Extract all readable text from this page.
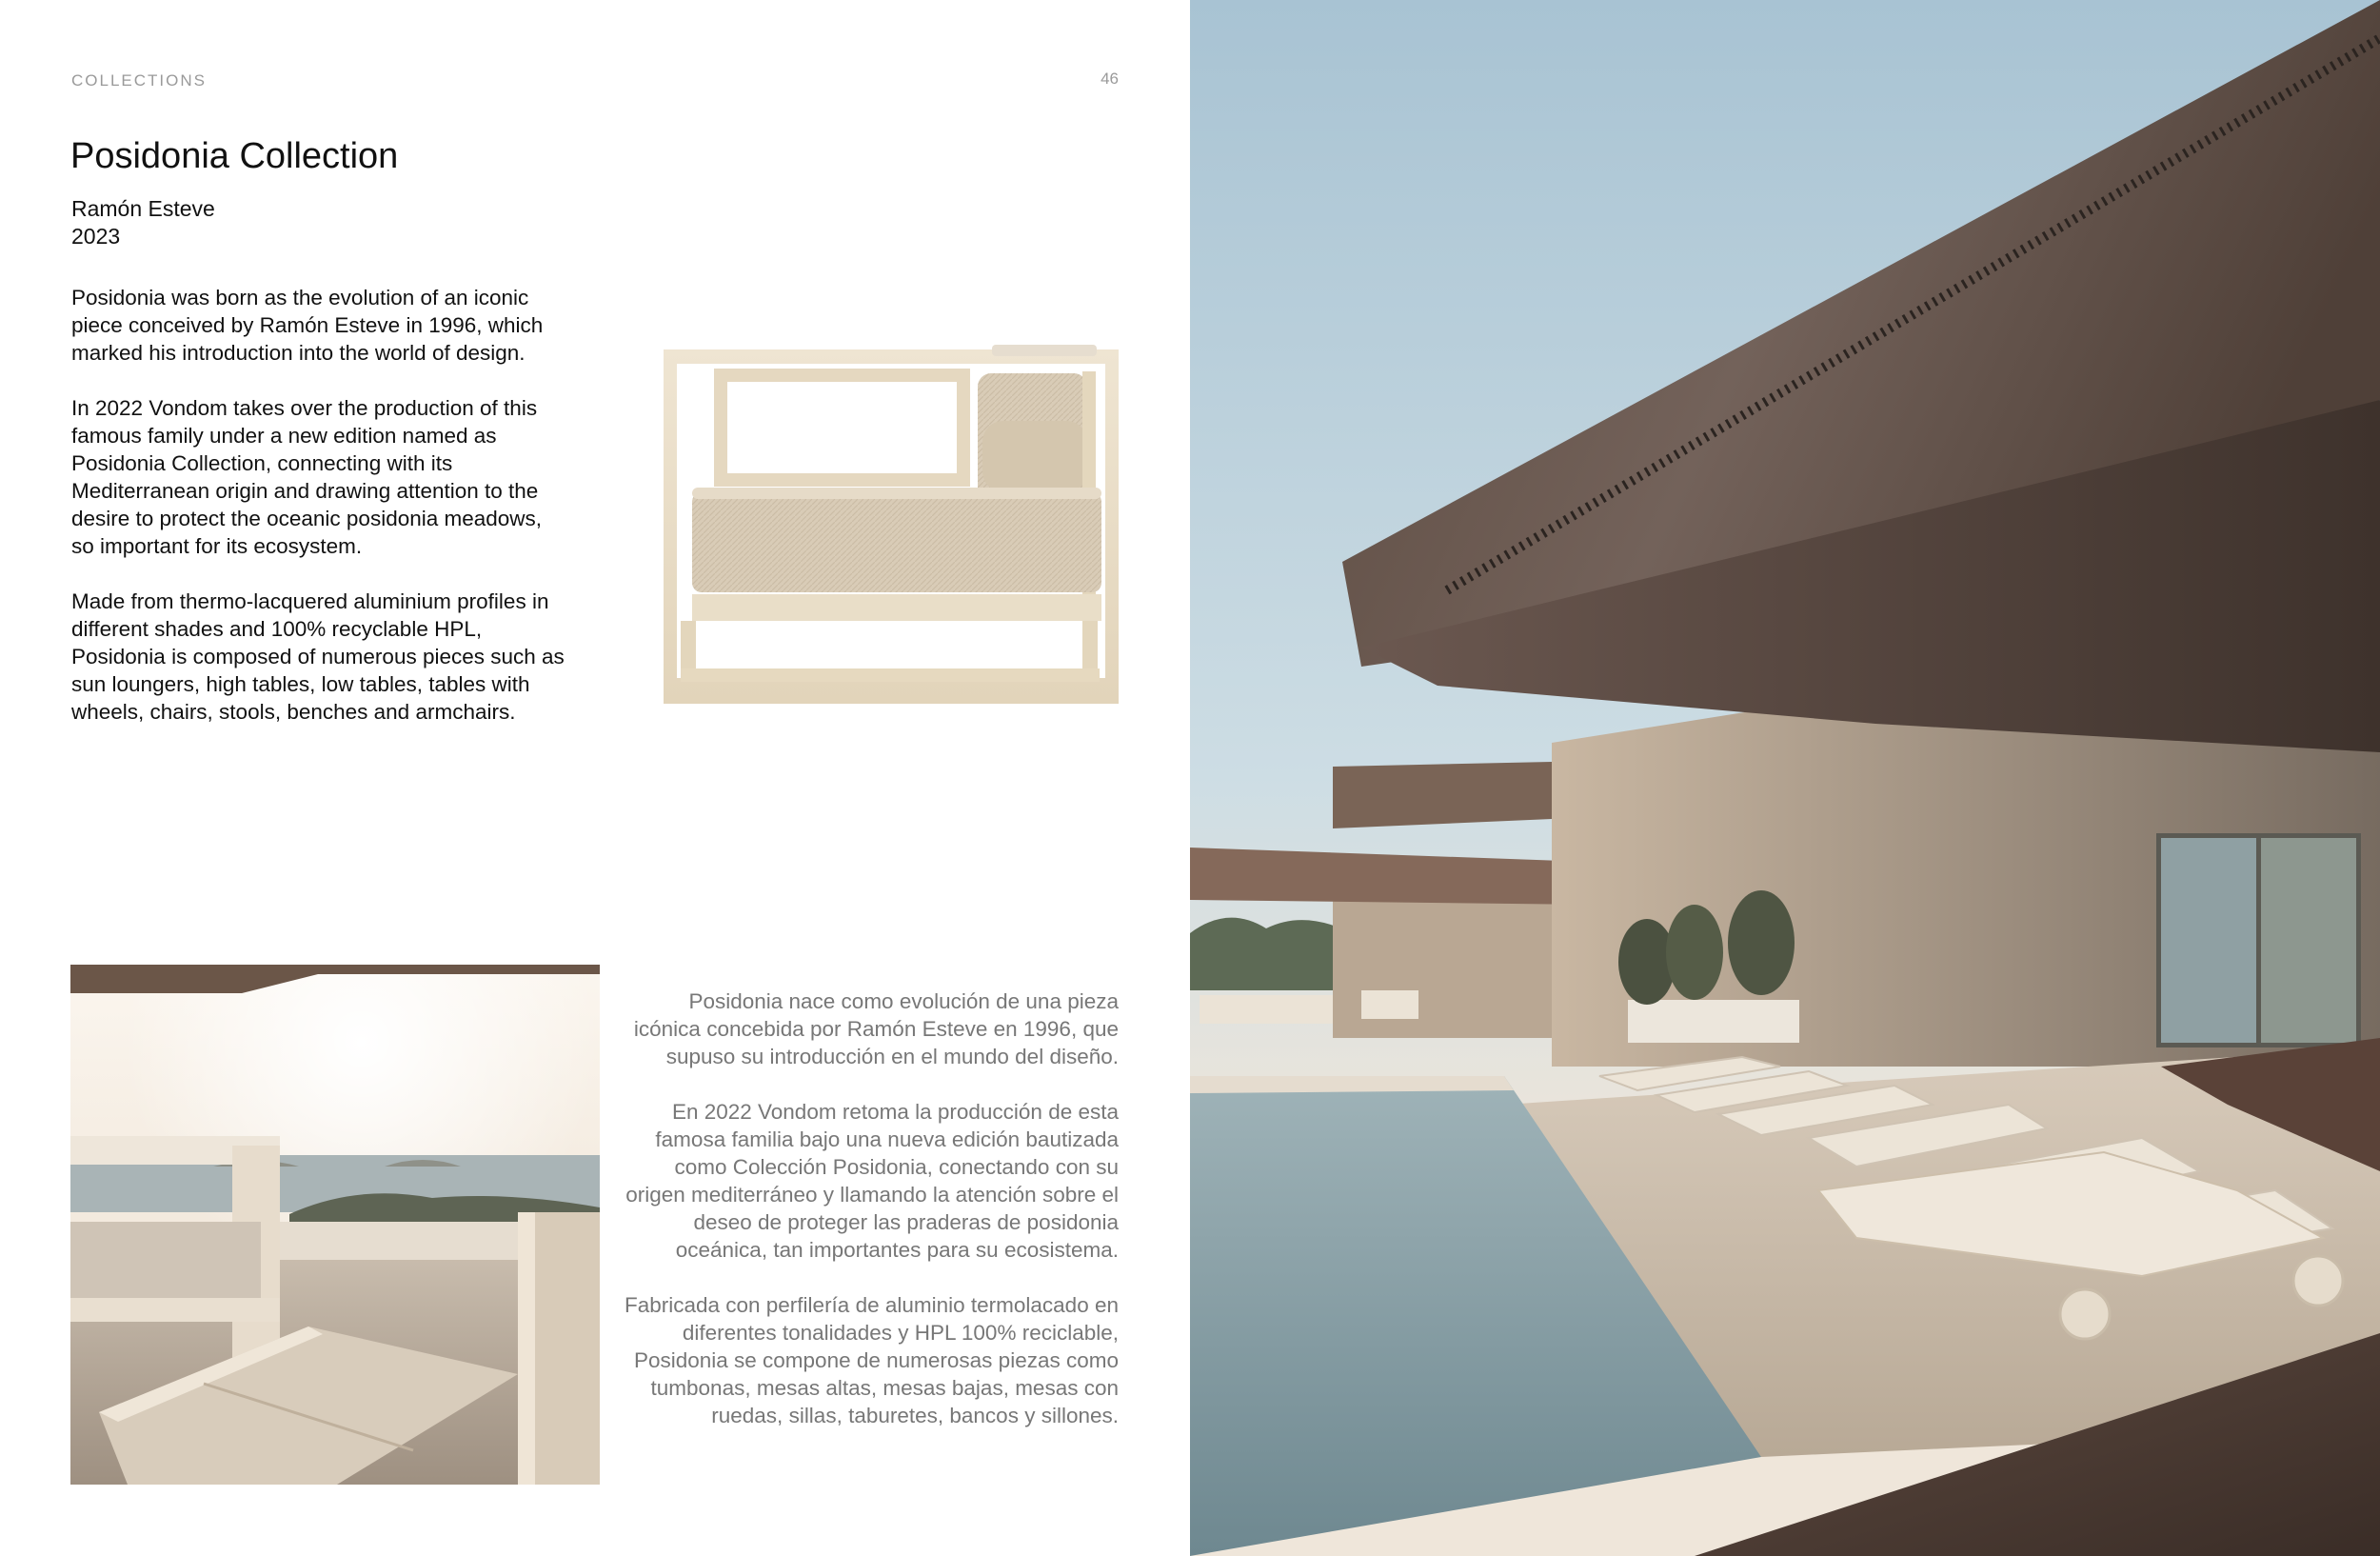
COLLECTIONS	46
Posidonia Collection
Ramón Esteve
2023

Posidonia was born as the evolution of an iconic piece conceived by Ramón Esteve in 1996, which marked his introduction into the world of design.

In 2022 Vondom takes over the production of this famous family under a new edition named as Posidonia Collection, connecting with its Mediterranean origin and drawing attention to the desire to protect the oceanic posidonia meadows, so important for its ecosystem.

Made from thermo-lacquered aluminium profiles in different shades and 100% recyclable HPL, Posidonia is composed of numerous pieces such as sun loungers, high tables, low tables, tables with wheels, chairs, stools, benches and armchairs.

Posidonia nace como evolución de una pieza icónica concebida por Ramón Esteve en 1996, que supuso su introducción en el mundo del diseño.

En 2022 Vondom retoma la producción de esta famosa familia bajo una nueva edición bautizada como Colección Posidonia, conectando con su origen mediterráneo y llamando la atención sobre el deseo de proteger las praderas de posidonia oceánica, tan importantes para su ecosistema.

Fabricada con perfilería de aluminio termolacado en diferentes tonalidades y HPL 100% reciclable, Posidonia se compone de numerosas piezas como tumbonas, mesas altas, mesas bajas, mesas con ruedas, sillas, taburetes, bancos y sillones.
